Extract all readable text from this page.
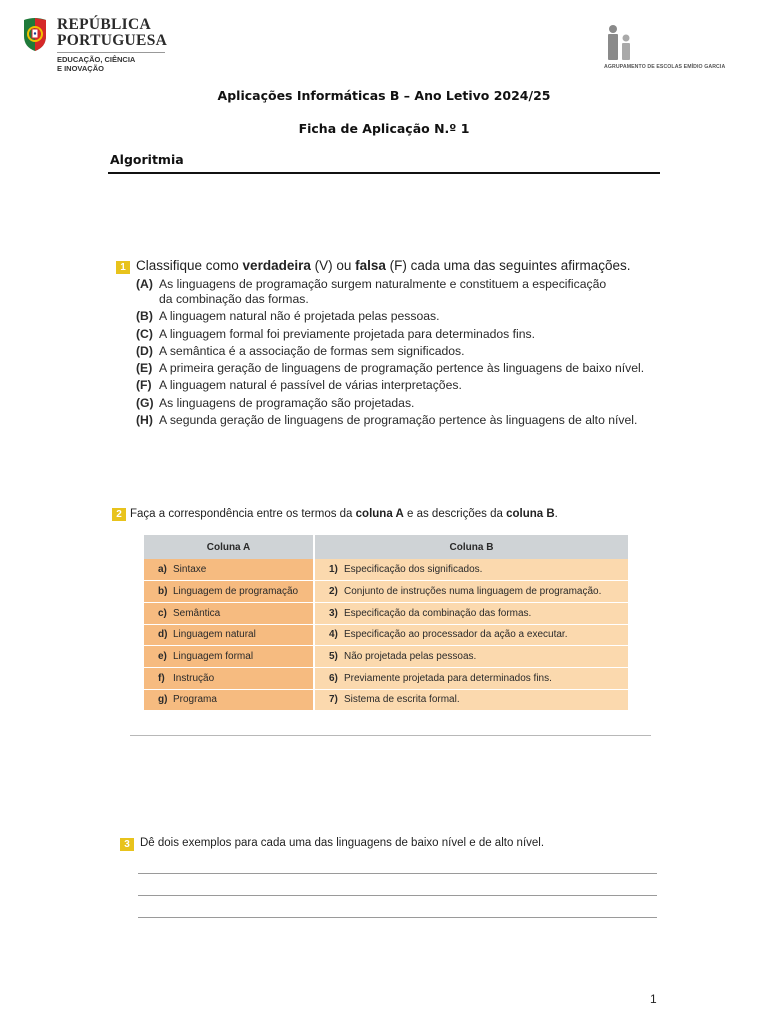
REPÚBLICA
PORTUGUESA
EDUCAÇÃO, CIÊNCIA
E INOVAÇÃO	AGRUPAMENTO DE ESCOLAS EMÍDIO GARCIA
Aplicações Informáticas B – Ano Letivo 2024/25
Ficha de Aplicação N.º 1
Algoritmia
1 Classifique como verdadeira (V) ou falsa (F) cada uma das seguintes afirmações.
(A) As linguagens de programação surgem naturalmente e constituem a especificação
da combinação das formas.
(B) A linguagem natural não é projetada pelas pessoas.
(C) A linguagem formal foi previamente projetada para determinados fins.
(D) A semântica é a associação de formas sem significados.
(E) A primeira geração de linguagens de programação pertence às linguagens de baixo nível.
(F) A linguagem natural é passível de várias interpretações.
(G) As linguagens de programação são projetadas.
(H) A segunda geração de linguagens de programação pertence às linguagens de alto nível.
2 Faça a correspondência entre os termos da coluna A e as descrições da coluna B.
Coluna A	Coluna B
a) Sintaxe	1) Especificação dos significados.
b) Linguagem de programação	2) Conjunto de instruções numa linguagem de programação.
c) Semântica	3) Especificação da combinação das formas.
d) Linguagem natural	4) Especificação ao processador da ação a executar.
e) Linguagem formal	5) Não projetada pelas pessoas.
f) Instrução	6) Previamente projetada para determinados fins.
g) Programa	7) Sistema de escrita formal.
3 Dê dois exemplos para cada uma das linguagens de baixo nível e de alto nível.
1
